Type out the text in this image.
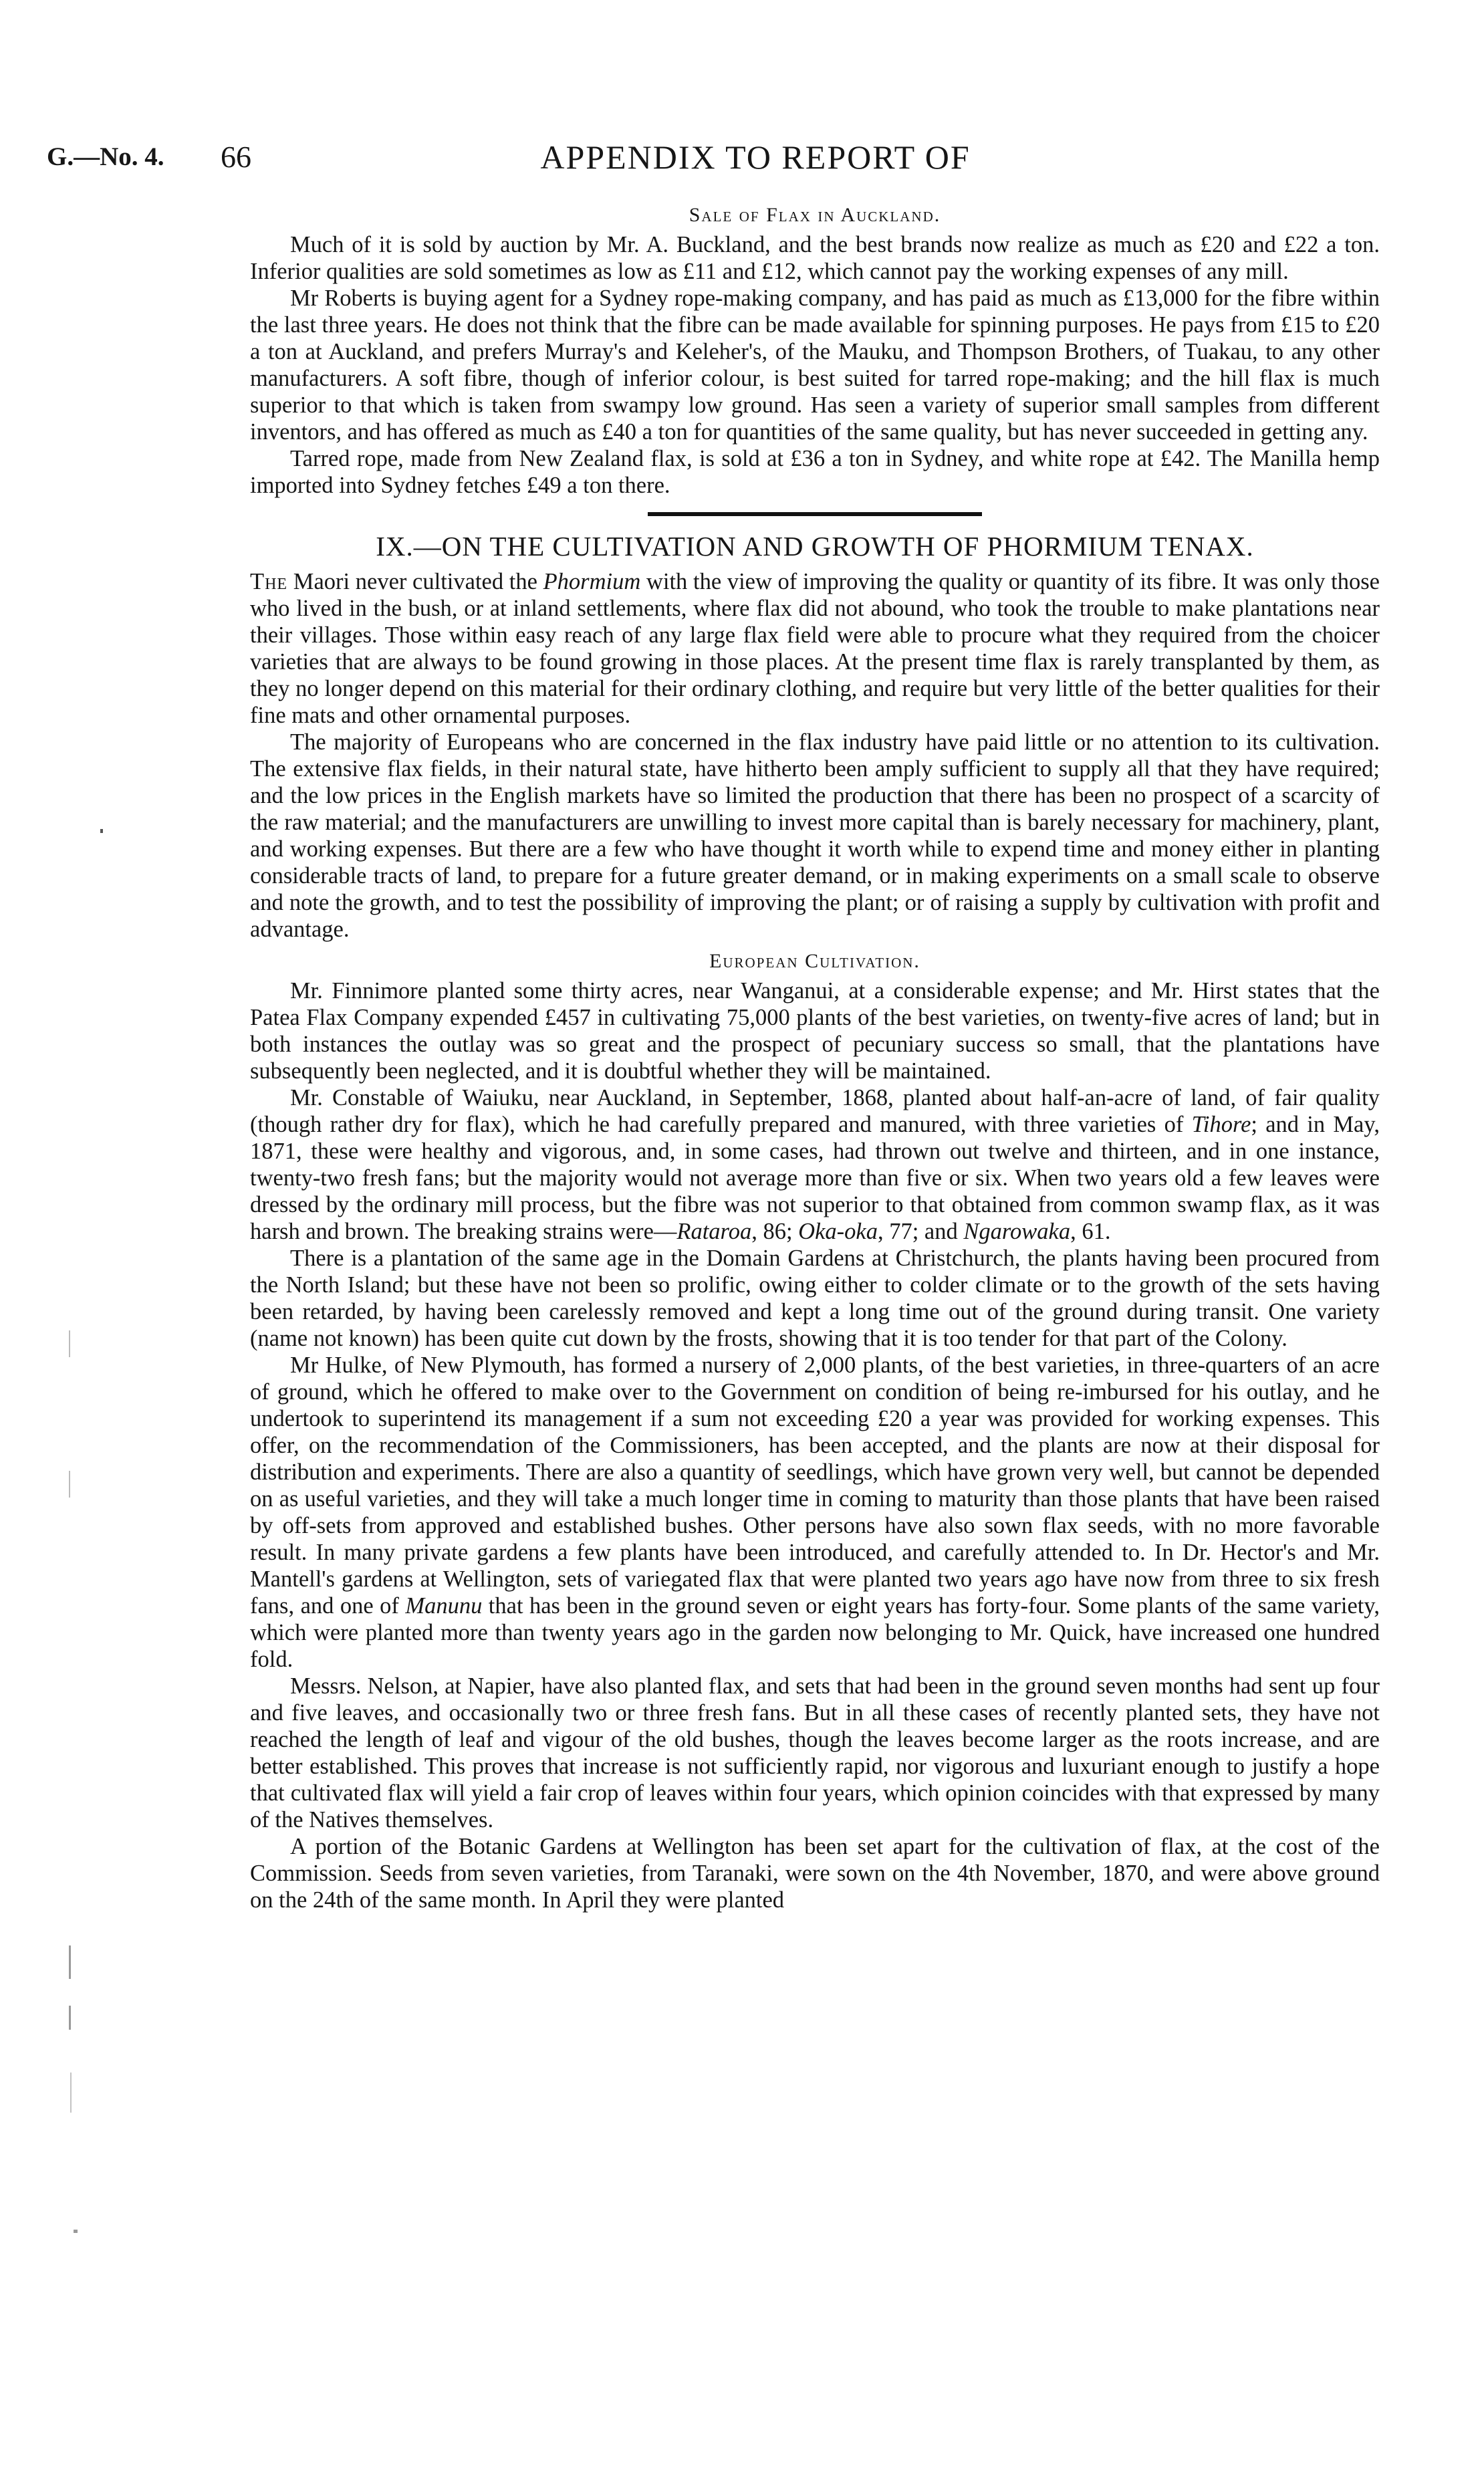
G.—No. 4. 66	APPENDIX TO REPORT OF
Sale of Flax in Auckland.

Much of it is sold by auction by Mr. A. Buckland, and the best brands now realize as much as £20 and £22 a ton. Inferior qualities are sold sometimes as low as £11 and £12, which cannot pay the working expenses of any mill.

Mr Roberts is buying agent for a Sydney rope-making company, and has paid as much as £13,000 for the fibre within the last three years. He does not think that the fibre can be made available for spinning purposes. He pays from £15 to £20 a ton at Auckland, and prefers Murray's and Keleher's, of the Mauku, and Thompson Brothers, of Tuakau, to any other manufacturers. A soft fibre, though of inferior colour, is best suited for tarred rope-making; and the hill flax is much superior to that which is taken from swampy low ground. Has seen a variety of superior small samples from different inventors, and has offered as much as £40 a ton for quantities of the same quality, but has never succeeded in getting any.

Tarred rope, made from New Zealand flax, is sold at £36 a ton in Sydney, and white rope at £42. The Manilla hemp imported into Sydney fetches £49 a ton there.

IX.—ON THE CULTIVATION AND GROWTH OF PHORMIUM TENAX.

The Maori never cultivated the Phormium with the view of improving the quality or quantity of its fibre. It was only those who lived in the bush, or at inland settlements, where flax did not abound, who took the trouble to make plantations near their villages. Those within easy reach of any large flax field were able to procure what they required from the choicer varieties that are always to be found growing in those places. At the present time flax is rarely transplanted by them, as they no longer depend on this material for their ordinary clothing, and require but very little of the better qualities for their fine mats and other ornamental purposes.

The majority of Europeans who are concerned in the flax industry have paid little or no attention to its cultivation. The extensive flax fields, in their natural state, have hitherto been amply sufficient to supply all that they have required; and the low prices in the English markets have so limited the production that there has been no prospect of a scarcity of the raw material; and the manufacturers are unwilling to invest more capital than is barely necessary for machinery, plant, and working expenses. But there are a few who have thought it worth while to expend time and money either in planting considerable tracts of land, to prepare for a future greater demand, or in making experiments on a small scale to observe and note the growth, and to test the possibility of improving the plant; or of raising a supply by cultivation with profit and advantage.

European Cultivation.

Mr. Finnimore planted some thirty acres, near Wanganui, at a considerable expense; and Mr. Hirst states that the Patea Flax Company expended £457 in cultivating 75,000 plants of the best varieties, on twenty-five acres of land; but in both instances the outlay was so great and the prospect of pecuniary success so small, that the plantations have subsequently been neglected, and it is doubtful whether they will be maintained.

Mr. Constable of Waiuku, near Auckland, in September, 1868, planted about half-an-acre of land, of fair quality (though rather dry for flax), which he had carefully prepared and manured, with three varieties of Tihore; and in May, 1871, these were healthy and vigorous, and, in some cases, had thrown out twelve and thirteen, and in one instance, twenty-two fresh fans; but the majority would not average more than five or six. When two years old a few leaves were dressed by the ordinary mill process, but the fibre was not superior to that obtained from common swamp flax, as it was harsh and brown. The breaking strains were—Rataroa, 86; Oka-oka, 77; and Ngarowaka, 61.

There is a plantation of the same age in the Domain Gardens at Christchurch, the plants having been procured from the North Island; but these have not been so prolific, owing either to colder climate or to the growth of the sets having been retarded, by having been carelessly removed and kept a long time out of the ground during transit. One variety (name not known) has been quite cut down by the frosts, showing that it is too tender for that part of the Colony.

Mr Hulke, of New Plymouth, has formed a nursery of 2,000 plants, of the best varieties, in three-quarters of an acre of ground, which he offered to make over to the Government on condition of being re-imbursed for his outlay, and he undertook to superintend its management if a sum not exceeding £20 a year was provided for working expenses. This offer, on the recommendation of the Commissioners, has been accepted, and the plants are now at their disposal for distribution and experiments. There are also a quantity of seedlings, which have grown very well, but cannot be depended on as useful varieties, and they will take a much longer time in coming to maturity than those plants that have been raised by off-sets from approved and established bushes. Other persons have also sown flax seeds, with no more favorable result. In many private gardens a few plants have been introduced, and carefully attended to. In Dr. Hector's and Mr. Mantell's gardens at Wellington, sets of variegated flax that were planted two years ago have now from three to six fresh fans, and one of Manunu that has been in the ground seven or eight years has forty-four. Some plants of the same variety, which were planted more than twenty years ago in the garden now belonging to Mr. Quick, have increased one hundred fold.

Messrs. Nelson, at Napier, have also planted flax, and sets that had been in the ground seven months had sent up four and five leaves, and occasionally two or three fresh fans. But in all these cases of recently planted sets, they have not reached the length of leaf and vigour of the old bushes, though the leaves become larger as the roots increase, and are better established. This proves that increase is not sufficiently rapid, nor vigorous and luxuriant enough to justify a hope that cultivated flax will yield a fair crop of leaves within four years, which opinion coincides with that expressed by many of the Natives themselves.

A portion of the Botanic Gardens at Wellington has been set apart for the cultivation of flax, at the cost of the Commission. Seeds from seven varieties, from Taranaki, were sown on the 4th November, 1870, and were above ground on the 24th of the same month. In April they were planted
